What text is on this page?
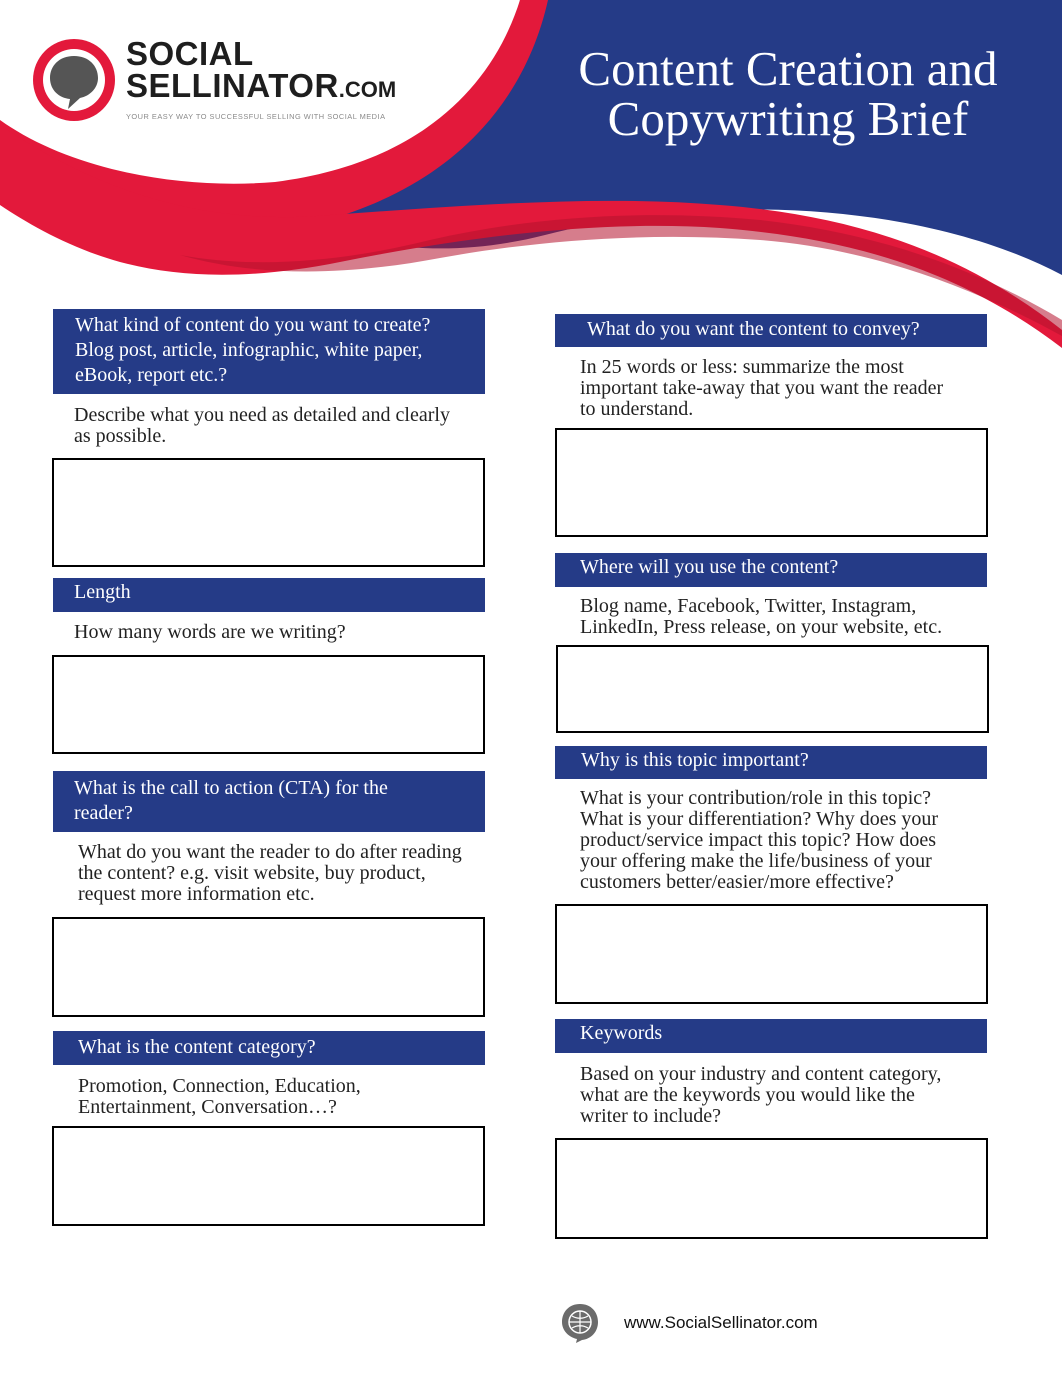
SOCIAL
SELLINATOR.COM
YOUR EASY WAY TO SUCCESSFUL SELLING WITH SOCIAL MEDIA
Content Creation and
Copywriting Brief
What kind of content do you want to create?
Blog post, article, infographic, white paper,
eBook, report etc.?
Describe what you need as detailed and clearly
as possible.
Length
How many words are we writing?
What is the call to action (CTA) for the
reader?
What do you want the reader to do after reading
the content? e.g. visit website, buy product,
request more information etc.
What is the content category?
Promotion, Connection, Education,
Entertainment, Conversation…?
What do you want the content to convey?
In 25 words or less: summarize the most
important take-away that you want the reader
to understand.
Where will you use the content?
Blog name, Facebook, Twitter, Instagram,
LinkedIn, Press release, on your website, etc.
Why is this topic important?
What is your contribution/role in this topic?
What is your differentiation? Why does your
product/service impact this topic? How does
your offering make the life/business of your
customers better/easier/more effective?
Keywords
Based on your industry and content category,
what are the keywords you would like the
writer to include?
www.SocialSellinator.com
